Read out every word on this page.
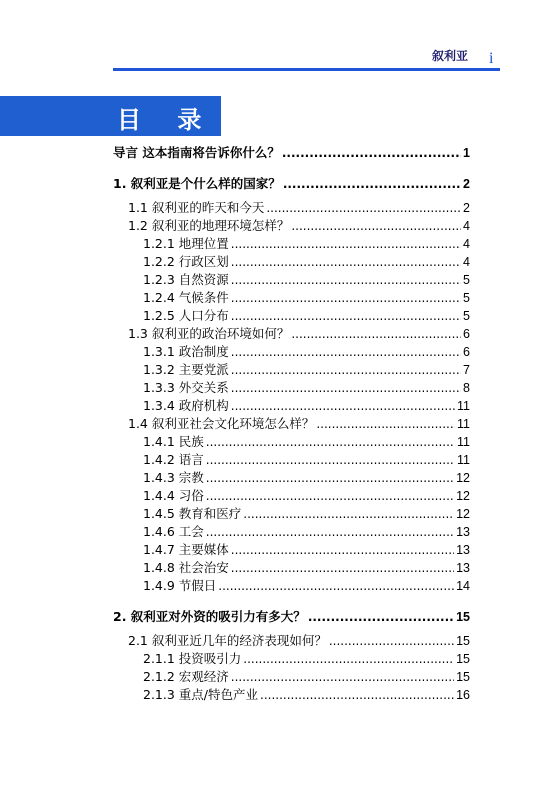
叙利亚 i
目 录
导言 这本指南将告诉你什么？ .....	1
1. 叙利亚是个什么样的国家？ .....	2
1.1 叙利亚的昨天和今天 .....	2
1.2 叙利亚的地理环境怎样？ .....	4
1.2.1 地理位置 .....	4
1.2.2 行政区划 .....	4
1.2.3 自然资源 .....	5
1.2.4 气候条件 .....	5
1.2.5 人口分布 .....	5
1.3 叙利亚的政治环境如何？ .....	6
1.3.1 政治制度 .....	6
1.3.2 主要党派 .....	7
1.3.3 外交关系 .....	8
1.3.4 政府机构 .....	11
1.4 叙利亚社会文化环境怎么样？ .....	11
1.4.1 民族 .....	11
1.4.2 语言 .....	11
1.4.3 宗教 .....	12
1.4.4 习俗 .....	12
1.4.5 教育和医疗 .....	12
1.4.6 工会 .....	13
1.4.7 主要媒体 .....	13
1.4.8 社会治安 .....	13
1.4.9 节假日 .....	14
2. 叙利亚对外资的吸引力有多大？ .....	15
2.1 叙利亚近几年的经济表现如何？ .....	15
2.1.1 投资吸引力 .....	15
2.1.2 宏观经济 .....	15
2.1.3 重点/特色产业 .....	16
